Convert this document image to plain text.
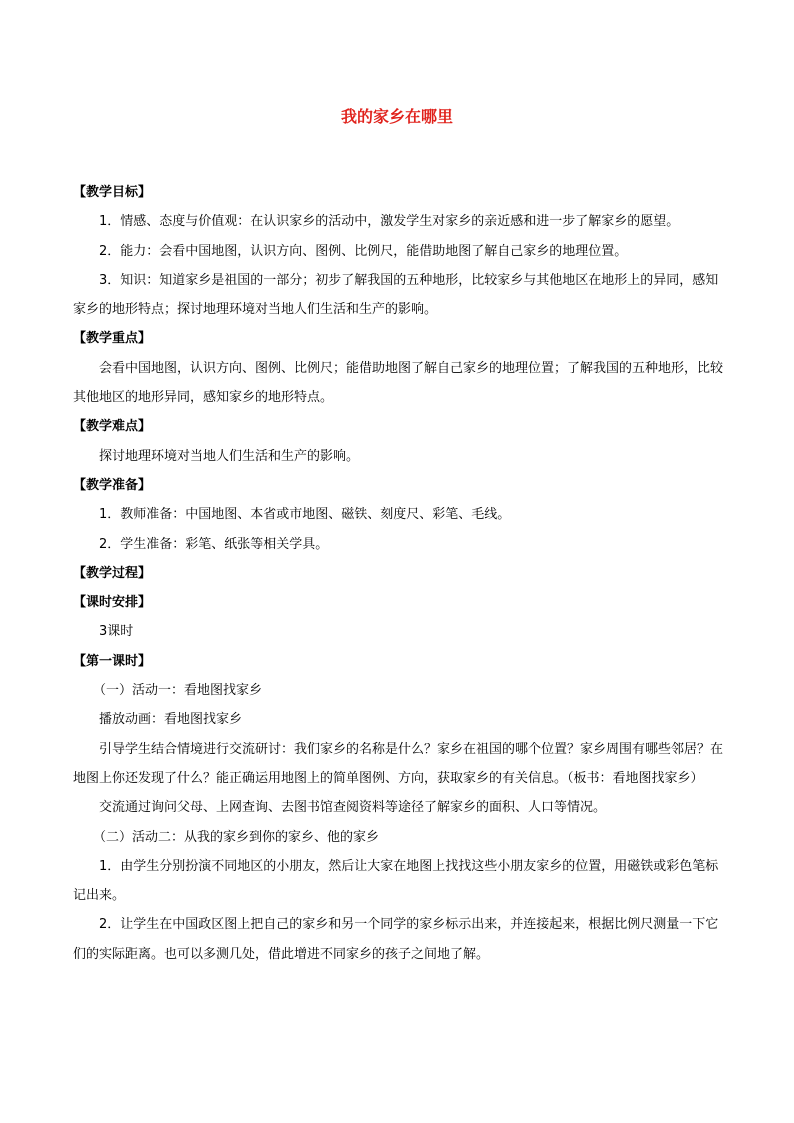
我的家乡在哪里

【教学目标】

1．情感、态度与价值观：在认识家乡的活动中，激发学生对家乡的亲近感和进一步了解家乡的愿望。

2．能力：会看中国地图，认识方向、图例、比例尺，能借助地图了解自己家乡的地理位置。

3．知识：知道家乡是祖国的一部分；初步了解我国的五种地形，比较家乡与其他地区在地形上的异同，感知家乡的地形特点；探讨地理环境对当地人们生活和生产的影响。

【教学重点】

会看中国地图，认识方向、图例、比例尺；能借助地图了解自己家乡的地理位置；了解我国的五种地形，比较其他地区的地形异同，感知家乡的地形特点。

【教学难点】

探讨地理环境对当地人们生活和生产的影响。

【教学准备】

1．教师准备：中国地图、本省或市地图、磁铁、刻度尺、彩笔、毛线。

2．学生准备：彩笔、纸张等相关学具。

【教学过程】

【课时安排】

3课时

【第一课时】

（一）活动一：看地图找家乡

播放动画：看地图找家乡

引导学生结合情境进行交流研讨：我们家乡的名称是什么？家乡在祖国的哪个位置？家乡周围有哪些邻居？在地图上你还发现了什么？能正确运用地图上的简单图例、方向，获取家乡的有关信息。（板书：看地图找家乡）

交流通过询问父母、上网查询、去图书馆查阅资料等途径了解家乡的面积、人口等情况。

（二）活动二：从我的家乡到你的家乡、他的家乡

1．由学生分别扮演不同地区的小朋友，然后让大家在地图上找找这些小朋友家乡的位置，用磁铁或彩色笔标记出来。

2．让学生在中国政区图上把自己的家乡和另一个同学的家乡标示出来，并连接起来，根据比例尺测量一下它们的实际距离。也可以多测几处，借此增进不同家乡的孩子之间地了解。
